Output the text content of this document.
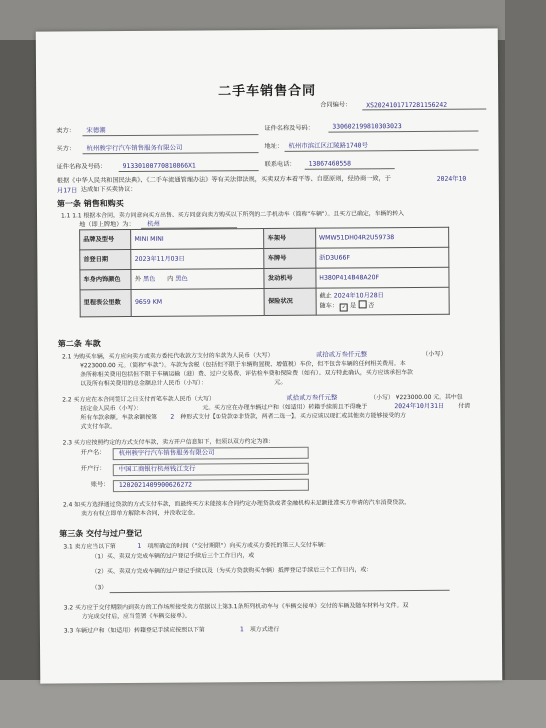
二手车销售合同
合同编号： XS202410171728115624​2
卖方： 宋德潮	证件名称及号码：	330602199810303023
买方： 杭州骏宇行汽车销售服务有限公司	地址： 杭州市滨江区江陵路1740号
证件名称及号码：	91330100770810866X1	联系电话： 13867460558
根据《中华人民共和国民法典》、《二手车流通管理办法》等有关法律法规，买卖双方本着平等、自愿原则，经协商一致，于	2024年10
月17日 达成如下买卖协议：
第一条 销售和购买
1.1 1.1 根据本合同，卖方同意向买方出售、买方同意向卖方购买以下所列的二手机动车（简称"车辆"）。且买方已确定，车辆的转入
地（即上牌地）为： 杭州
品牌及型号	MINI MINI	车架号	WMW51DH04R2U59738
首登日期	2023年11月03日	车牌号	浙D3U66F
车身内饰颜色	外 黑色 内 黑色	发动机号	H380P414B48A20F
里程表公里数	9659 KM	保险状况	截止 2024年10月28日
随车： ✓ 是 否
第二条 车款
2.1 为购买车辆，买方应向卖方或卖方委托代收款方支付的车款为人民币（大写）	贰拾贰万叁仟元整	（小写）
¥223000.00 元。（简称"车款"）。车款为含税（包括但不限于车辆购置税、增值税）车价，但不包含车辆的任何相关费用。本
条所称相关费用包括但不限于车辆运输（港）费、过户交易费、评估检车费和保险费（如有）。双方特此确认，买方应该承担车款
以及所有相关费用的总金额总计人民币（小写）：	元。
2.2 买方应在本合同签订之日支付首笔车款人民币（大写）	贰拾贰万叁仟元整	（小写） ¥223000.00 元。其中包
括定金人民币（小写）：	元。买方应在办理车辆过户和（如适用）转籍手续前且不得晚于	2024年10月31日 付清
所有车款余额。车款余额按第 2 种形式支付【①贷款②非贷款，两者二选一】。买方应该以现汇或其他卖方能够接受的方
式支付车款。
2.3 买方应按照约定的方式支付车款，卖方开户信息如下，但须以双方约定为准：
开户名： 杭州骏宇行汽车销售服务有限公司
开户行： 中国工商银行杭州钱江支行
账号： 1202021409900626272
2.4 如买方选择通过贷款的方式支付车款，而最终买方未能按本合同约定办理贷款或者金融机构未足额批准买方申请的汽车消费贷款，
卖方有权立即单方解除本合同，并没收定金。
第三条 交付与过户登记
3.1 卖方应当以下第	1 项所确定的时间（"交付期限"）向买方或买方委托的第三人交付车辆：
（1）买、卖双方完成车辆的过户登记手续后三个工作日内，或
（2）买、卖双方完成车辆的过户登记手续以及（为买方贷款购买车辆）抵押登记手续后三个工作日内，或：
（3）
3.2 买方应于交付期限内到卖方的工作场所接受卖方依据以上第3.1条所列机动车与《车辆交接单》交付的车辆及随车材料与文件。双
方完成交付后，应当签署《车辆交接单》。
3.3 车辆过户和（如适用）转籍登记手续应按照以下第	1 项方式进行
